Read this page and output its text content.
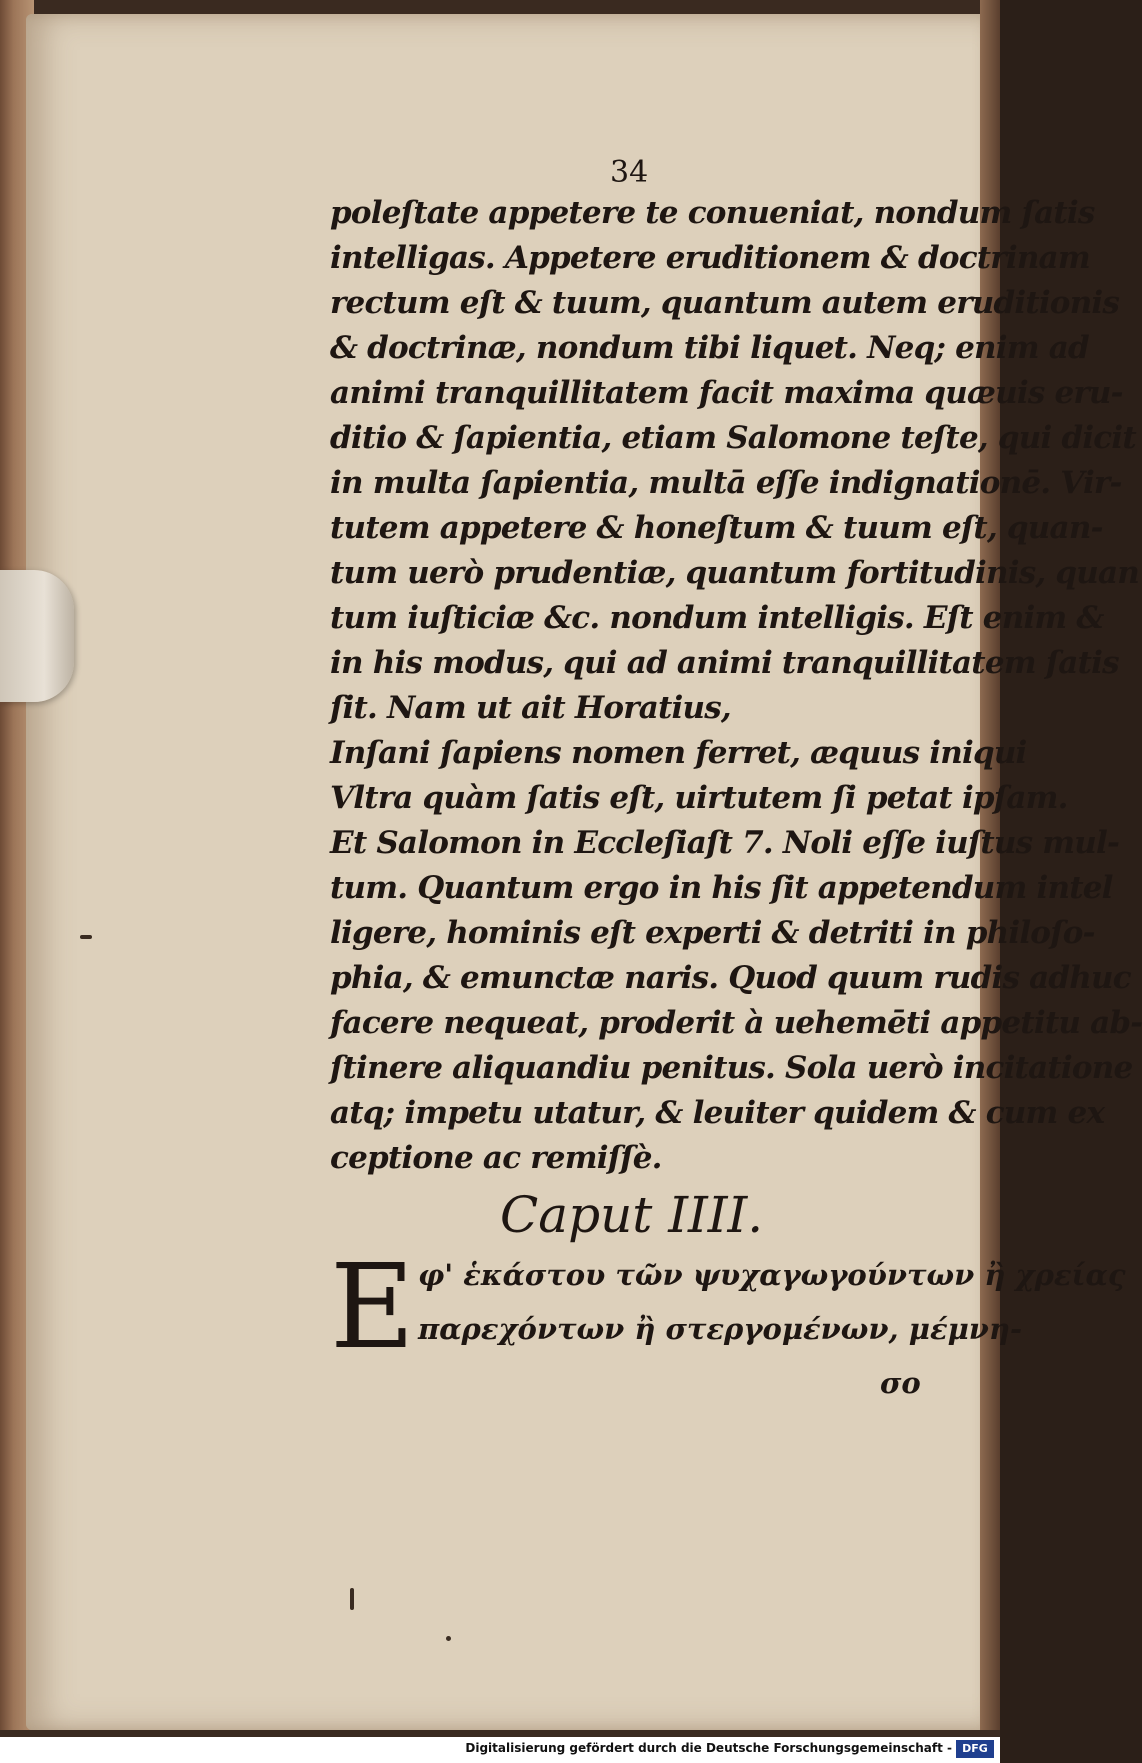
34
poleſtate appetere te conueniat, nondum ſatis
intelligas. Appetere eruditionem & doctrinam
rectum eſt & tuum, quantum autem eruditionis
& doctrinæ, nondum tibi liquet. Neq; enim ad
animi tranquillitatem facit maxima quæuis eru-
ditio & ſapientia, etiam Salomone teſte, qui dicit
in multa ſapientia, multā eſſe indignationē. Vir-
tutem appetere & honeſtum & tuum eſt, quan-
tum uerò prudentiæ, quantum fortitudinis, quan
tum iuſticiæ &c. nondum intelligis. Eſt enim &
in his modus, qui ad animi tranquillitatem ſatis
ſit. Nam ut ait Horatius,
Inſani ſapiens nomen ferret, æquus iniqui
Vltra quàm ſatis eſt, uirtutem ſi petat ipſam.
Et Salomon in Eccleſiaſt 7. Noli eſſe iuſtus mul-
tum. Quantum ergo in his ſit appetendum intel
ligere, hominis eſt experti & detriti in philoſo-
phia, & emunctæ naris. Quod quum rudis adhuc
facere nequeat, proderit à uehemēti appetitu ab-
ſtinere aliquandiu penitus. Sola uerò incitatione
atq; impetu utatur, & leuiter quidem & cum ex
ceptione ac remiſſè.
Caput IIII.
E φ' ἑκάστου τῶν ψυχαγωγούντων ἢ χρείας
παρεχόντων ἢ στεργομένων, μέμνη-
σο
Digitalisierung gefördert durch die Deutsche Forschungsgemeinschaft - DFG
